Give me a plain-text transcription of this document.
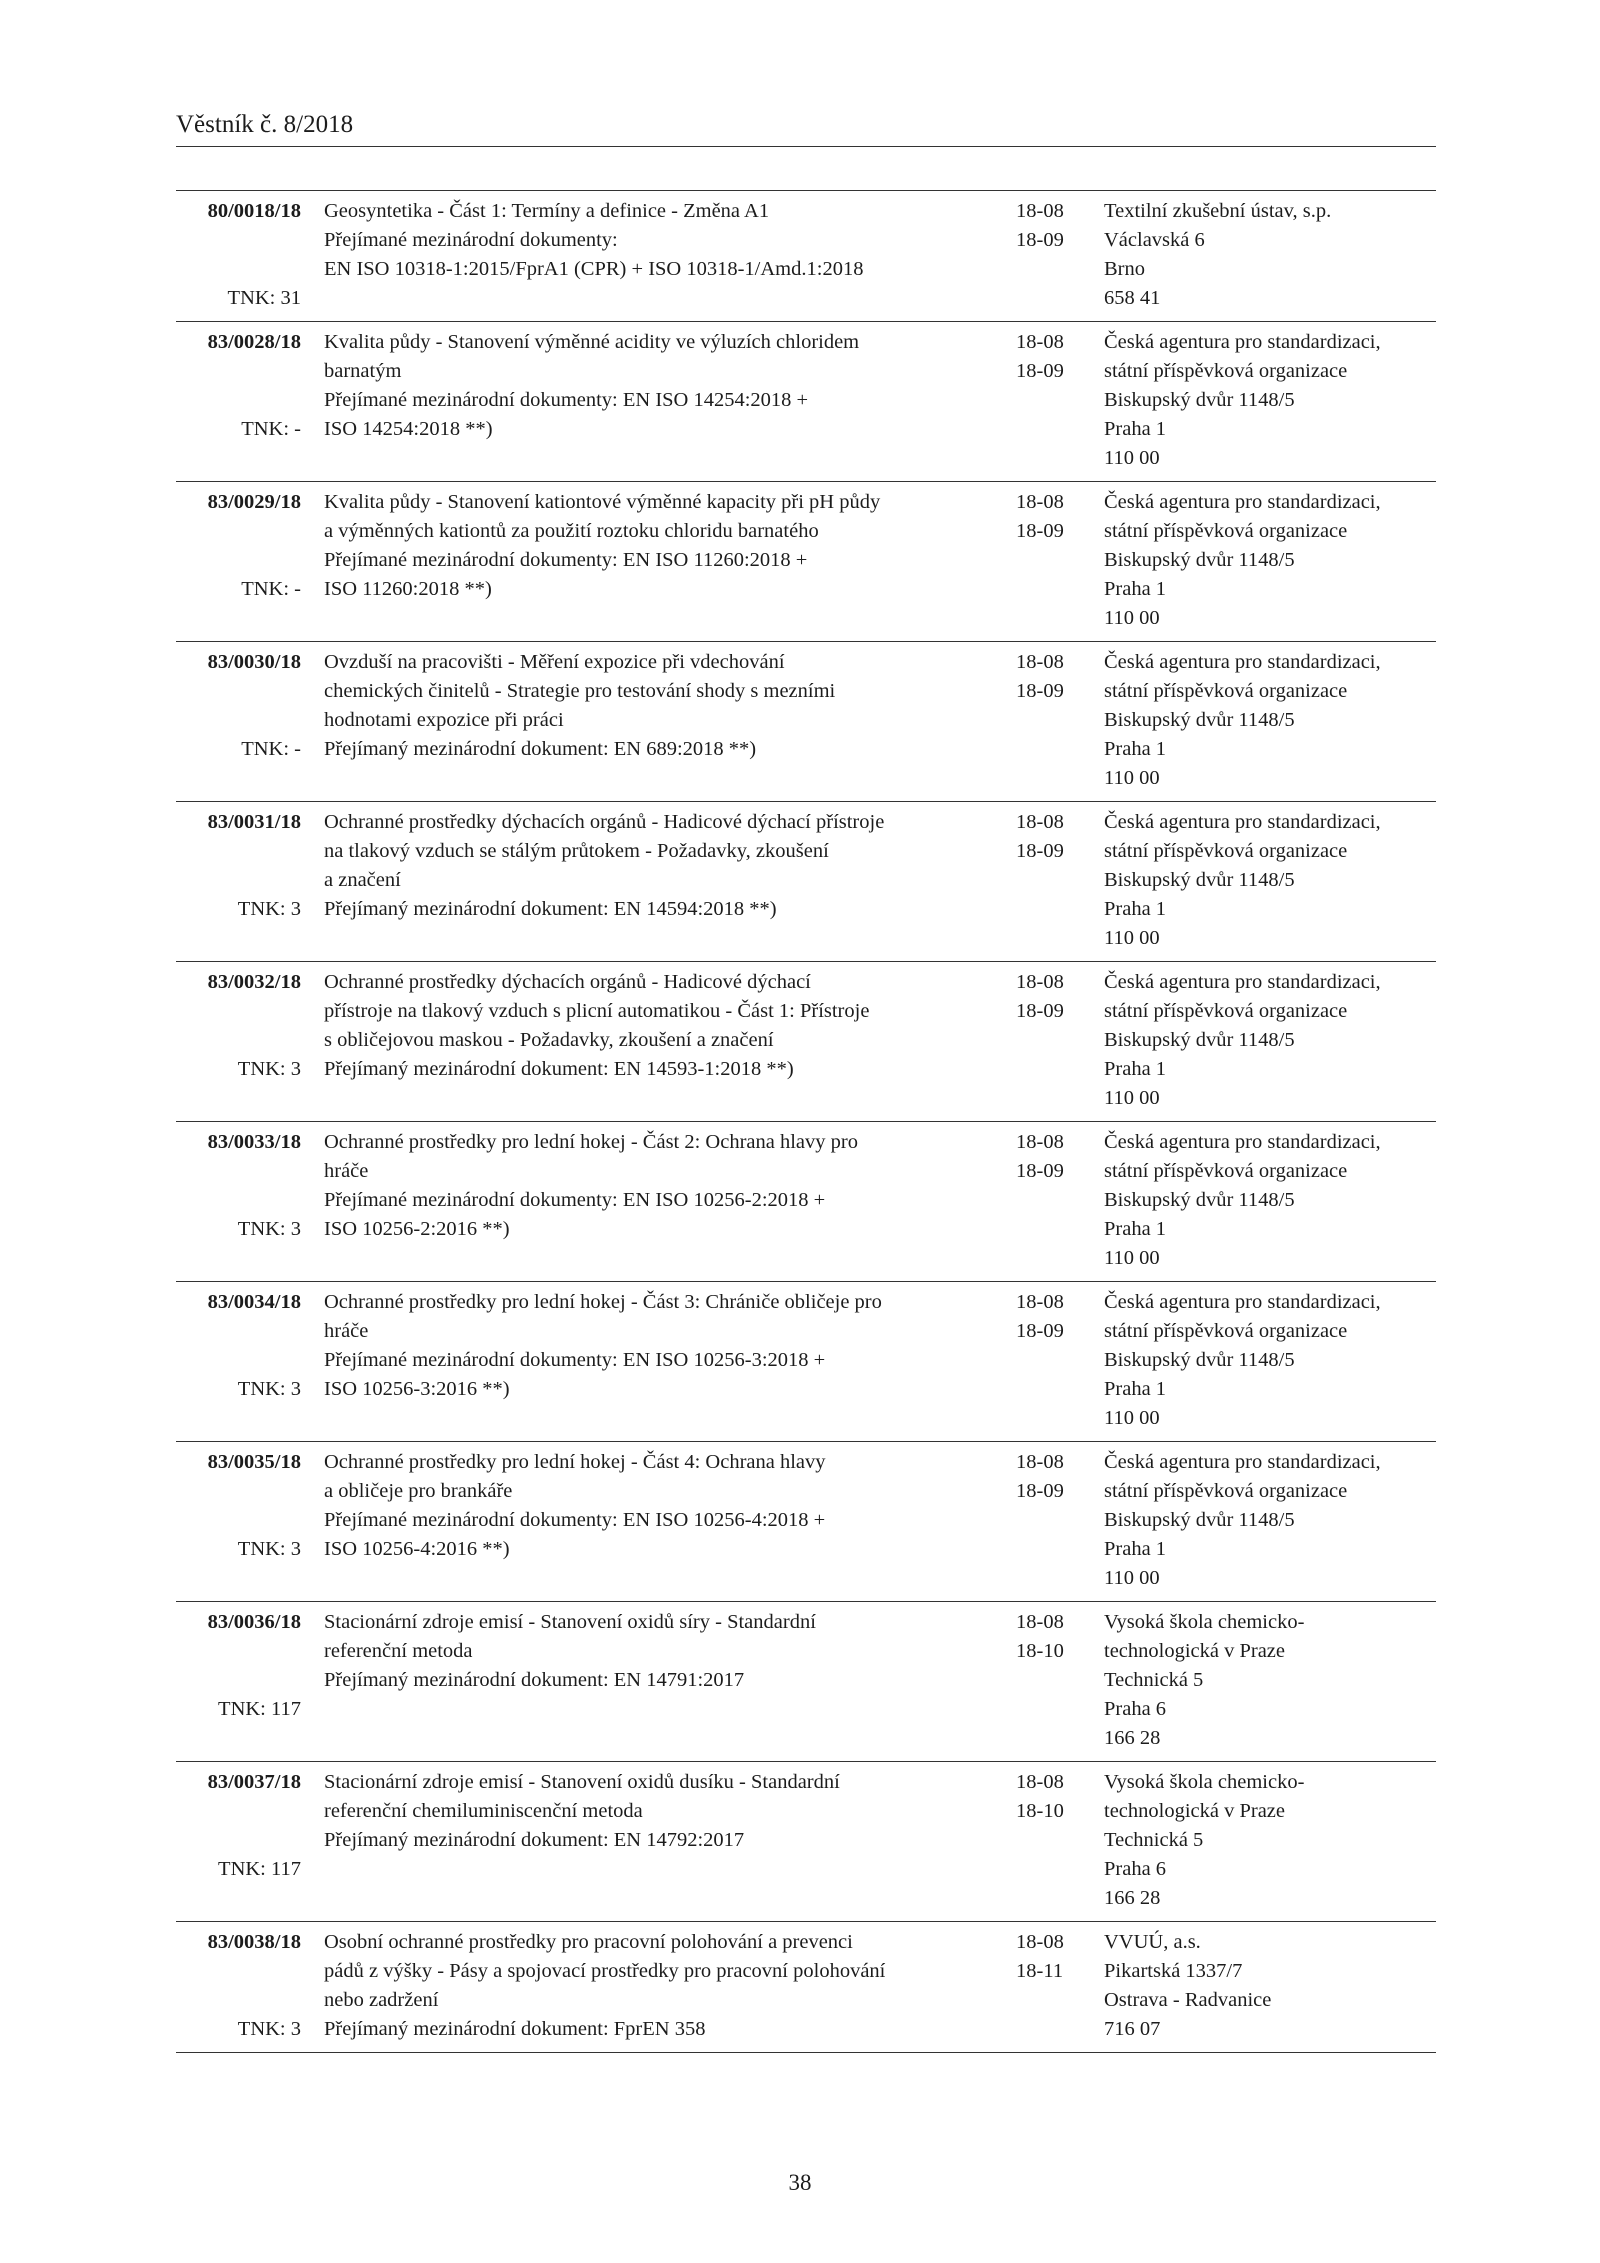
Věstník č. 8/2018
80/0018/18 Geosyntetika - Část 1: Termíny a definice - Změna A1
Přejímané mezinárodní dokumenty:
EN ISO 10318-1:2015/FprA1 (CPR) + ISO 10318-1/Amd.1:2018
18-08
18-09
Textilní zkušební ústav, s.p.
Václavská 6
Brno
658 41
TNK: 31
83/0028/18 Kvalita půdy - Stanovení výměnné acidity ve výluzích chloridem
barnatým
Přejímané mezinárodní dokumenty: EN ISO 14254:2018 +
ISO 14254:2018 **)
18-08
18-09
Česká agentura pro standardizaci,
státní příspěvková organizace
Biskupský dvůr 1148/5
Praha 1
110 00
TNK: -
83/0029/18 Kvalita půdy - Stanovení kationtové výměnné kapacity při pH půdy
a výměnných kationtů za použití roztoku chloridu barnatého
Přejímané mezinárodní dokumenty: EN ISO 11260:2018 +
ISO 11260:2018 **)
18-08
18-09
Česká agentura pro standardizaci,
státní příspěvková organizace
Biskupský dvůr 1148/5
Praha 1
110 00
TNK: -
83/0030/18 Ovzduší na pracovišti - Měření expozice při vdechování
chemických činitelů - Strategie pro testování shody s mezními
hodnotami expozice při práci
Přejímaný mezinárodní dokument: EN 689:2018 **)
18-08
18-09
Česká agentura pro standardizaci,
státní příspěvková organizace
Biskupský dvůr 1148/5
Praha 1
110 00
TNK: -
83/0031/18 Ochranné prostředky dýchacích orgánů - Hadicové dýchací přístroje
na tlakový vzduch se stálým průtokem - Požadavky, zkoušení
a značení
Přejímaný mezinárodní dokument: EN 14594:2018 **)
18-08
18-09
Česká agentura pro standardizaci,
státní příspěvková organizace
Biskupský dvůr 1148/5
Praha 1
110 00
TNK: 3
83/0032/18 Ochranné prostředky dýchacích orgánů - Hadicové dýchací
přístroje na tlakový vzduch s plicní automatikou - Část 1: Přístroje
s obličejovou maskou - Požadavky, zkoušení a značení
Přejímaný mezinárodní dokument: EN 14593-1:2018 **)
18-08
18-09
Česká agentura pro standardizaci,
státní příspěvková organizace
Biskupský dvůr 1148/5
Praha 1
110 00
TNK: 3
83/0033/18 Ochranné prostředky pro lední hokej - Část 2: Ochrana hlavy pro
hráče
Přejímané mezinárodní dokumenty: EN ISO 10256-2:2018 +
ISO 10256-2:2016 **)
18-08
18-09
Česká agentura pro standardizaci,
státní příspěvková organizace
Biskupský dvůr 1148/5
Praha 1
110 00
TNK: 3
83/0034/18 Ochranné prostředky pro lední hokej - Část 3: Chrániče obličeje pro
hráče
Přejímané mezinárodní dokumenty: EN ISO 10256-3:2018 +
ISO 10256-3:2016 **)
18-08
18-09
Česká agentura pro standardizaci,
státní příspěvková organizace
Biskupský dvůr 1148/5
Praha 1
110 00
TNK: 3
83/0035/18 Ochranné prostředky pro lední hokej - Část 4: Ochrana hlavy
a obličeje pro brankáře
Přejímané mezinárodní dokumenty: EN ISO 10256-4:2018 +
ISO 10256-4:2016 **)
18-08
18-09
Česká agentura pro standardizaci,
státní příspěvková organizace
Biskupský dvůr 1148/5
Praha 1
110 00
TNK: 3
83/0036/18 Stacionární zdroje emisí - Stanovení oxidů síry - Standardní
referenční metoda
Přejímaný mezinárodní dokument: EN 14791:2017
18-08
18-10
Vysoká škola chemicko-
technologická v Praze
Technická 5
Praha 6
166 28
TNK: 117
83/0037/18 Stacionární zdroje emisí - Stanovení oxidů dusíku - Standardní
referenční chemiluminiscenční metoda
Přejímaný mezinárodní dokument: EN 14792:2017
18-08
18-10
Vysoká škola chemicko-
technologická v Praze
Technická 5
Praha 6
166 28
TNK: 117
83/0038/18 Osobní ochranné prostředky pro pracovní polohování a prevenci
pádů z výšky - Pásy a spojovací prostředky pro pracovní polohování
nebo zadržení
Přejímaný mezinárodní dokument: FprEN 358
18-08
18-11
VVUÚ, a.s.
Pikartská 1337/7
Ostrava - Radvanice
716 07
TNK: 3
38
